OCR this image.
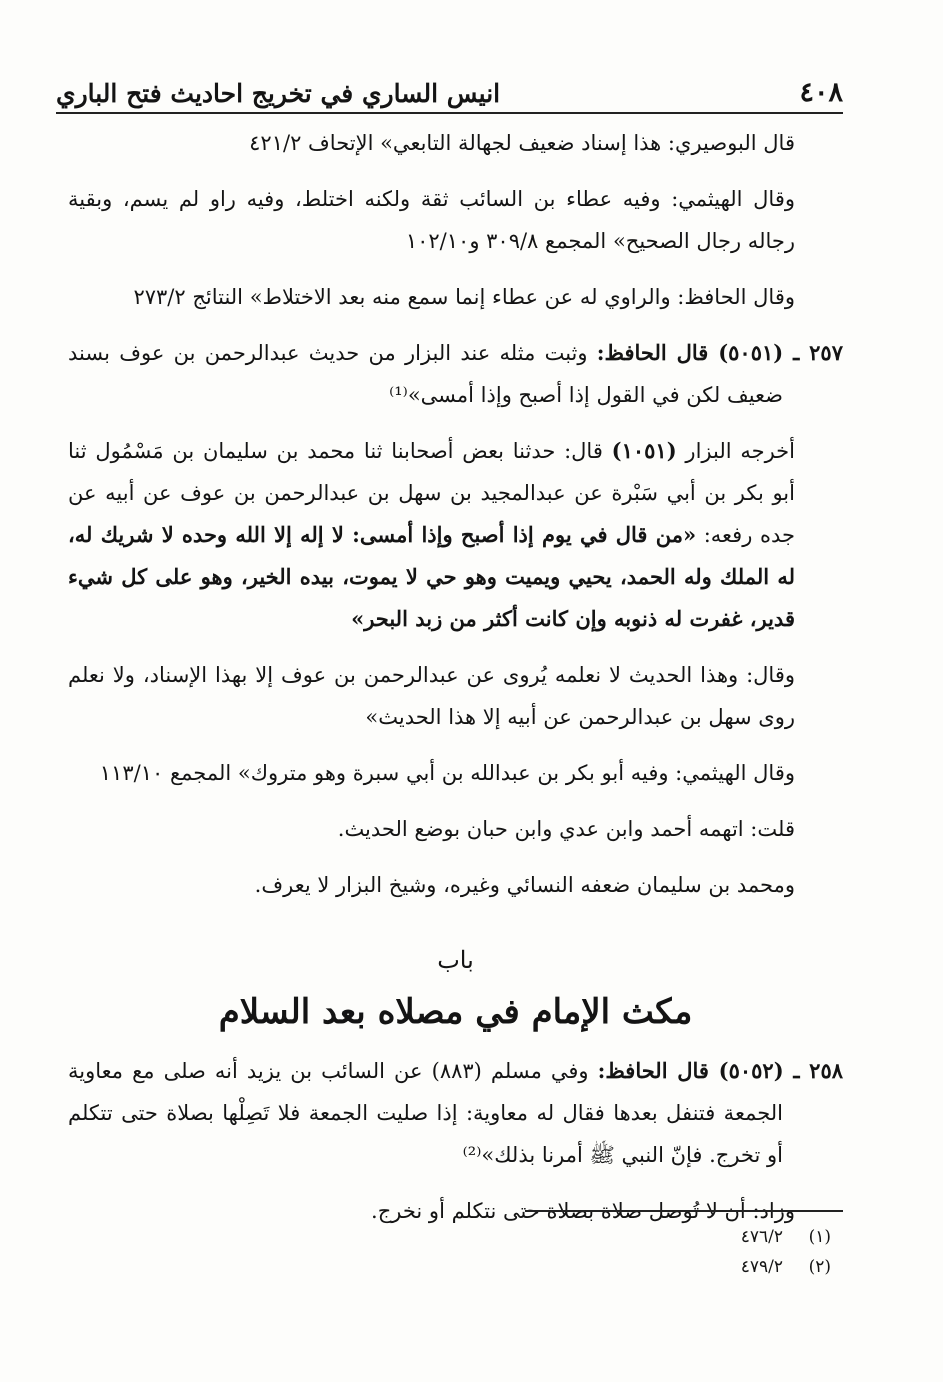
٤٠٨
انيس الساري في تخريج احاديث فتح الباري

قال البوصيري: هذا إسناد ضعيف لجهالة التابعي» الإتحاف ٤٢١/٢

وقال الهيثمي: وفيه عطاء بن السائب ثقة ولكنه اختلط، وفيه راو لم يسم، وبقية رجاله رجال الصحيح» المجمع ٣٠٩/٨ و١٠٢/١٠

وقال الحافظ: والراوي له عن عطاء إنما سمع منه بعد الاختلاط» النتائج ٢٧٣/٢

٢٥٧ ـ (٥٠٥١) قال الحافظ: وثبت مثله عند البزار من حديث عبدالرحمن بن عوف بسند ضعيف لكن في القول إذا أصبح وإذا أمسى»⁽¹⁾

أخرجه البزار (١٠٥١) قال: حدثنا بعض أصحابنا ثنا محمد بن سليمان بن مَسْمُول ثنا أبو بكر بن أبي سَبْرة عن عبدالمجيد بن سهل بن عبدالرحمن بن عوف عن أبيه عن جده رفعه: «من قال في يوم إذا أصبح وإذا أمسى: لا إله إلا الله وحده لا شريك له، له الملك وله الحمد، يحيي ويميت وهو حي لا يموت، بيده الخير، وهو على كل شيء قدير، غفرت له ذنوبه وإن كانت أكثر من زبد البحر»

وقال: وهذا الحديث لا نعلمه يُروى عن عبدالرحمن بن عوف إلا بهذا الإسناد، ولا نعلم روى سهل بن عبدالرحمن عن أبيه إلا هذا الحديث»

وقال الهيثمي: وفيه أبو بكر بن عبدالله بن أبي سبرة وهو متروك» المجمع ١١٣/١٠

قلت: اتهمه أحمد وابن عدي وابن حبان بوضع الحديث.

ومحمد بن سليمان ضعفه النسائي وغيره، وشيخ البزار لا يعرف.

باب
مكث الإمام في مصلاه بعد السلام

٢٥٨ ـ (٥٠٥٢) قال الحافظ: وفي مسلم (٨٨٣) عن السائب بن يزيد أنه صلى مع معاوية الجمعة فتنفل بعدها فقال له معاوية: إذا صليت الجمعة فلا تَصِلْها بصلاة حتى تتكلم أو تخرج. فإنّ النبي ﷺ أمرنا بذلك»⁽²⁾

وزاد: أن لا تُوصل صلاة بصلاة حتى نتكلم أو نخرج.

(١)٤٧٦/٢
(٢)٤٧٩/٢
